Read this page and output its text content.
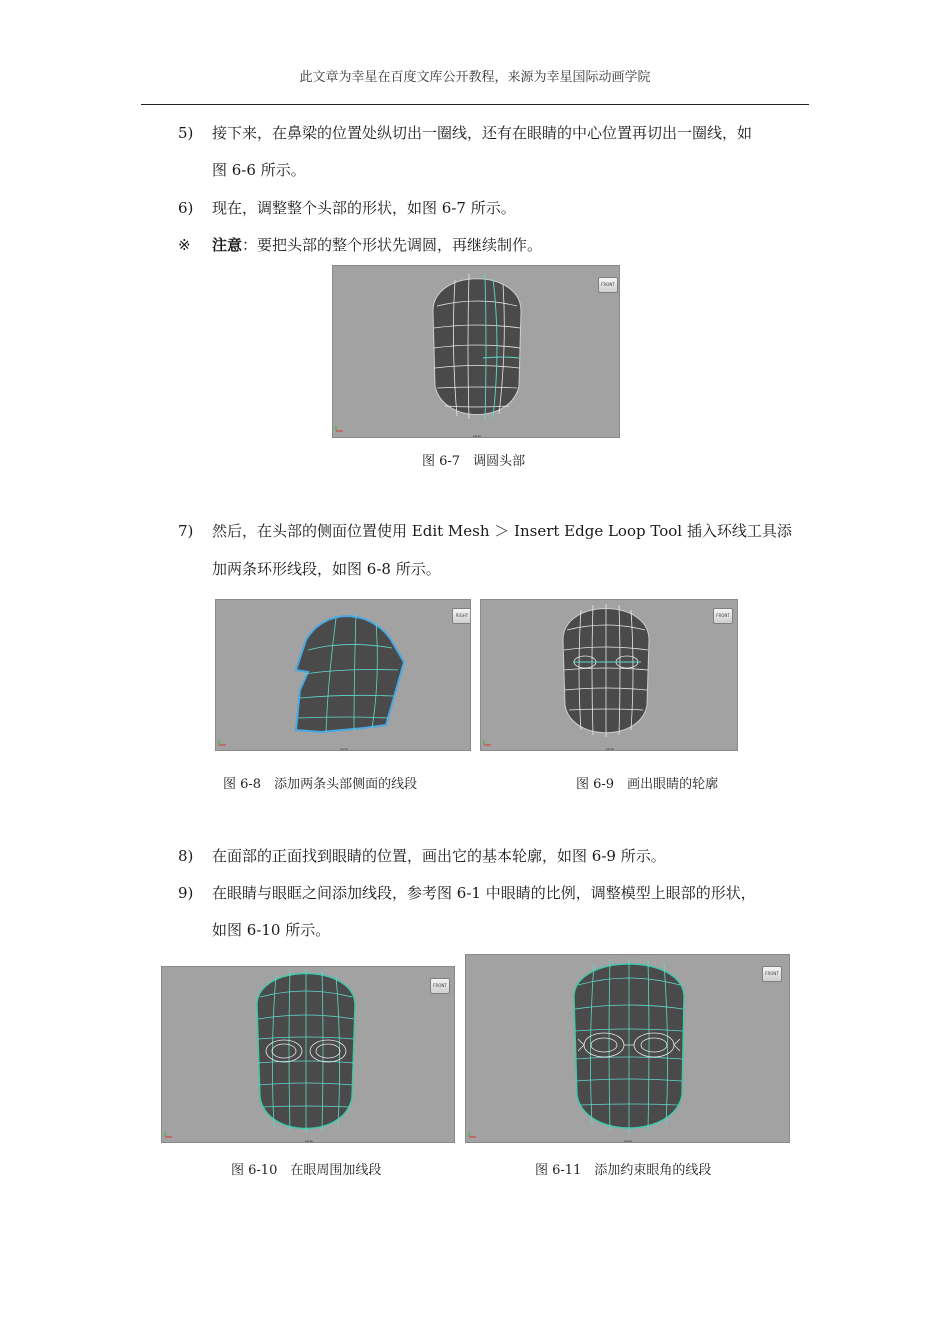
此文章为幸星在百度文库公开教程，来源为幸星国际动画学院
5) 接下来，在鼻梁的位置处纵切出一圈线，还有在眼睛的中心位置再切出一圈线，如
图 6-6 所示。
6) 现在，调整整个头部的形状，如图 6-7 所示。
※ 注意：要把头部的整个形状先调圆，再继续制作。
FRONT
persp
图 6-7　调圆头部
7) 然后，在头部的侧面位置使用 Edit Mesh ＞ Insert Edge Loop Tool 插入环线工具添
加两条环形线段，如图 6-8 所示。
RIGHT
persp
FRONT
persp
图 6-8　添加两条头部侧面的线段	图 6-9　画出眼睛的轮廓
8) 在面部的正面找到眼睛的位置，画出它的基本轮廓，如图 6-9 所示。
9) 在眼睛与眼眶之间添加线段，参考图 6-1 中眼睛的比例，调整模型上眼部的形状，
如图 6-10 所示。
FRONT
persp
FRONT
persp
图 6-10　在眼周围加线段	图 6-11　添加约束眼角的线段
